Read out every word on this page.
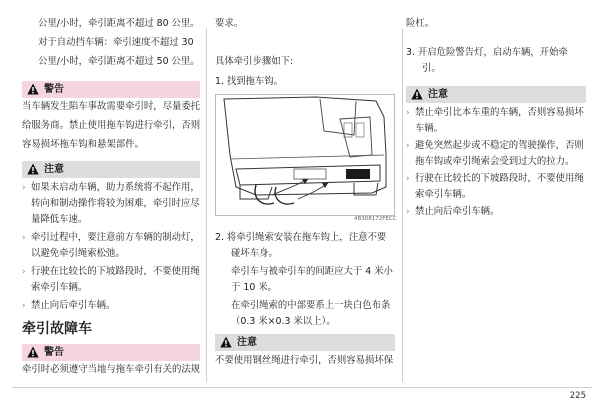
公里/小时，牵引距离不超过 80 公里。
对于自动挡车辆：牵引速度不超过 30
公里/小时，牵引距离不超过 50 公里。
警告
当车辆发生陷车事故需要牵引时，尽量委托
给服务商。禁止使用拖车钩进行牵引，否则
容易损坏拖车钩和悬架部件。
注意
› 如果未启动车辆，助力系统将不起作用，
转向和制动操作将较为困难，牵引时应尽
量降低车速。
› 牵引过程中，要注意前方车辆的制动灯，
以避免牵引绳索松弛。
› 行驶在比较长的下坡路段时，不要使用绳
索牵引车辆。
› 禁止向后牵引车辆。
牵引故障车
警告
牵引时必须遵守当地与拖车牵引有关的法规
要求。
具体牵引步骤如下:
1. 找到拖车钩。
4B308172FECC
2. 将牵引绳索安装在拖车钩上，注意不要
碰坏车身。
牵引车与被牵引车的间距应大于 4 米小
于 10 米。
在牵引绳索的中部要系上一块白色布条
（0.3 米×0.3 米以上）。
注意
不要使用钢丝绳进行牵引，否则容易损坏保
险杠。
3. 开启危险警告灯，启动车辆，开始牵
引。
注意
› 禁止牵引比本车重的车辆，否则容易损坏
车辆。
› 避免突然起步或不稳定的驾驶操作，否则
拖车钩或牵引绳索会受到过大的拉力。
› 行驶在比较长的下坡路段时，不要使用绳
索牵引车辆。
› 禁止向后牵引车辆。
225
